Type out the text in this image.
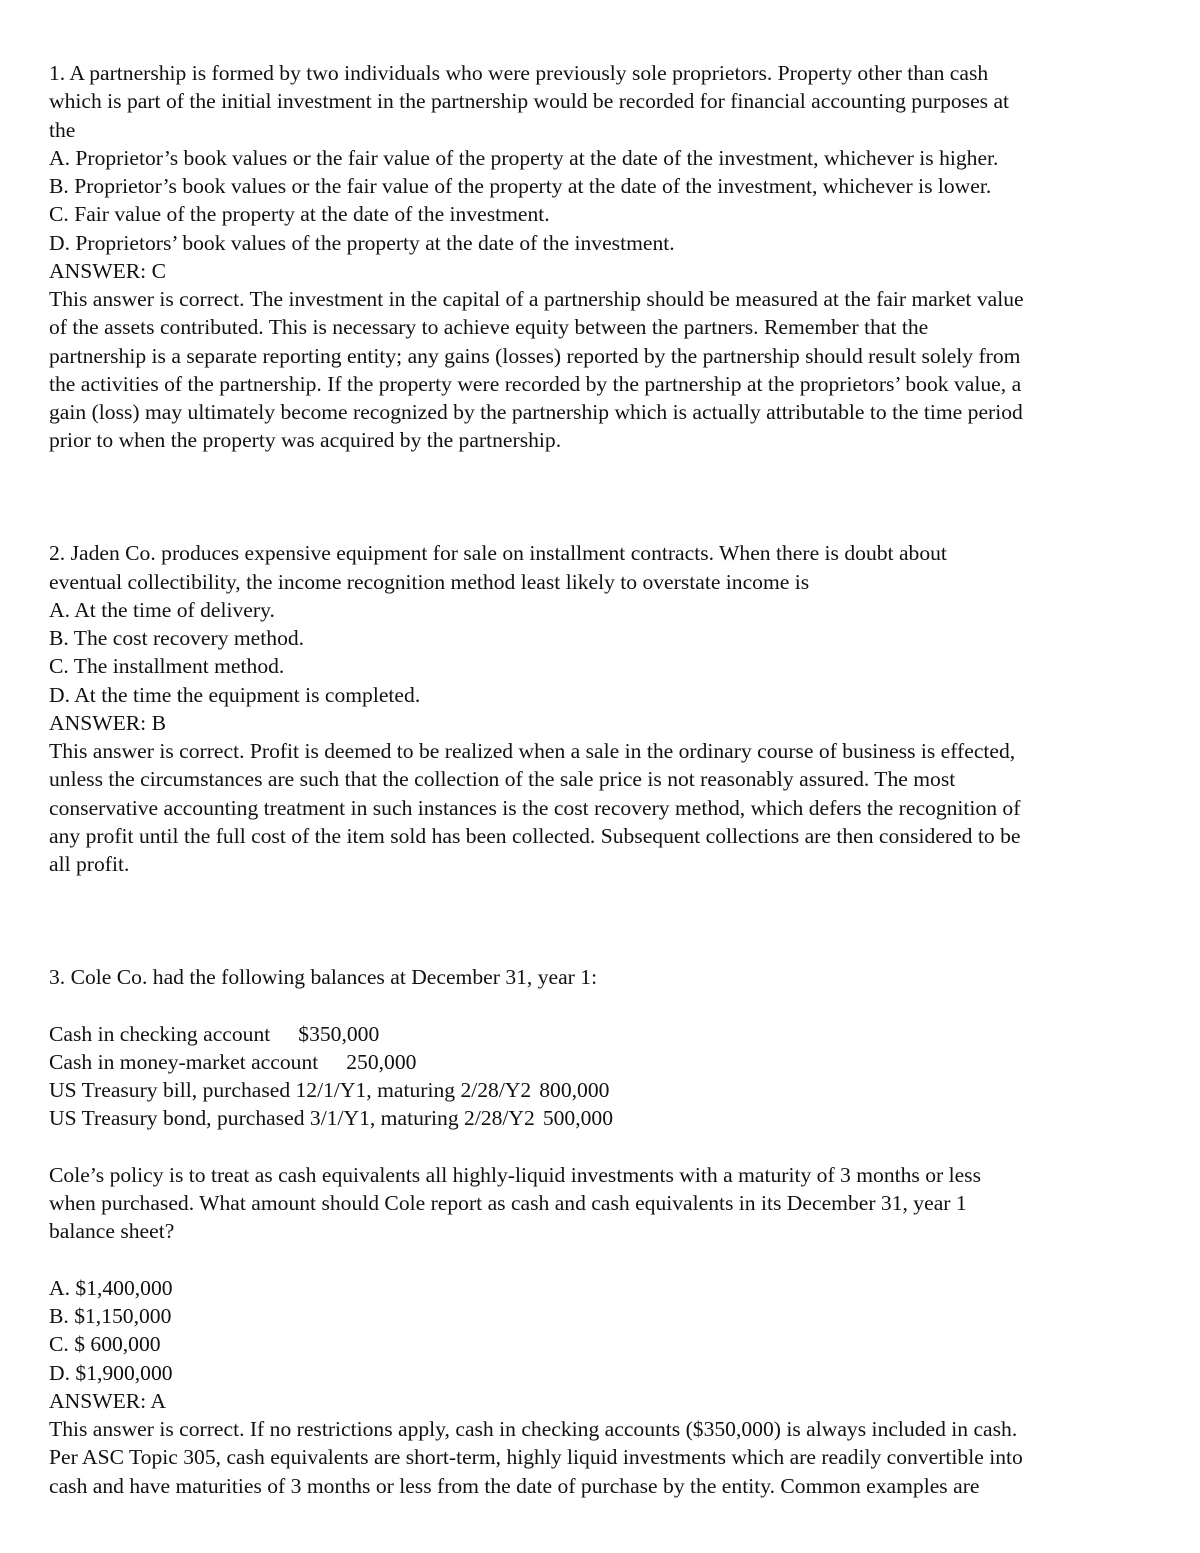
1. A partnership is formed by two individuals who were previously sole proprietors. Property other than cash
which is part of the initial investment in the partnership would be recorded for financial accounting purposes at
the
A. Proprietor’s book values or the fair value of the property at the date of the investment, whichever is higher.
B. Proprietor’s book values or the fair value of the property at the date of the investment, whichever is lower.
C. Fair value of the property at the date of the investment.
D. Proprietors’ book values of the property at the date of the investment.
ANSWER: C
This answer is correct. The investment in the capital of a partnership should be measured at the fair market value
of the assets contributed. This is necessary to achieve equity between the partners. Remember that the
partnership is a separate reporting entity; any gains (losses) reported by the partnership should result solely from
the activities of the partnership. If the property were recorded by the partnership at the proprietors’ book value, a
gain (loss) may ultimately become recognized by the partnership which is actually attributable to the time period
prior to when the property was acquired by the partnership.
2. Jaden Co. produces expensive equipment for sale on installment contracts. When there is doubt about
eventual collectibility, the income recognition method least likely to overstate income is
A. At the time of delivery.
B. The cost recovery method.
C. The installment method.
D. At the time the equipment is completed.
ANSWER: B
This answer is correct. Profit is deemed to be realized when a sale in the ordinary course of business is effected,
unless the circumstances are such that the collection of the sale price is not reasonably assured. The most
conservative accounting treatment in such instances is the cost recovery method, which defers the recognition of
any profit until the full cost of the item sold has been collected. Subsequent collections are then considered to be
all profit.
3. Cole Co. had the following balances at December 31, year 1:
Cash in checking account $350,000
Cash in money-market account 250,000
US Treasury bill, purchased 12/1/Y1, maturing 2/28/Y2 800,000
US Treasury bond, purchased 3/1/Y1, maturing 2/28/Y2 500,000
Cole’s policy is to treat as cash equivalents all highly-liquid investments with a maturity of 3 months or less
when purchased. What amount should Cole report as cash and cash equivalents in its December 31, year 1
balance sheet?
A. $1,400,000
B. $1,150,000
C. $ 600,000
D. $1,900,000
ANSWER: A
This answer is correct. If no restrictions apply, cash in checking accounts ($350,000) is always included in cash.
Per ASC Topic 305, cash equivalents are short-term, highly liquid investments which are readily convertible into
cash and have maturities of 3 months or less from the date of purchase by the entity. Common examples are
